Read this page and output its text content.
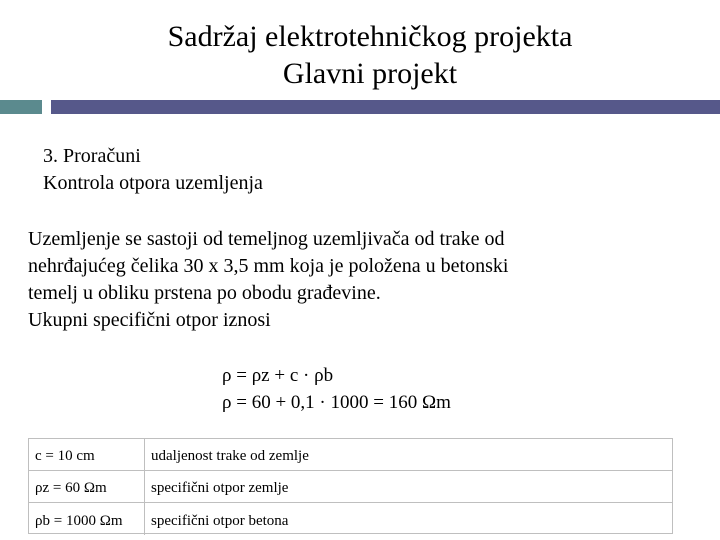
Sadržaj elektrotehničkog projekta
Glavni projekt
3. Proračuni
Kontrola otpora uzemljenja
Uzemljenje se sastoji od temeljnog uzemljivača od trake od
nehrđajućeg čelika 30 x 3,5 mm koja je položena u betonski
temelj u obliku prstena po obodu građevine.
Ukupni specifični otpor iznosi
ρ = ρz + c · ρb
ρ = 60 + 0,1 · 1000 = 160 Ωm
c = 10 cm	udaljenost trake od zemlje
ρz = 60 Ωm	specifični otpor zemlje
ρb = 1000 Ωm	specifični otpor betona
